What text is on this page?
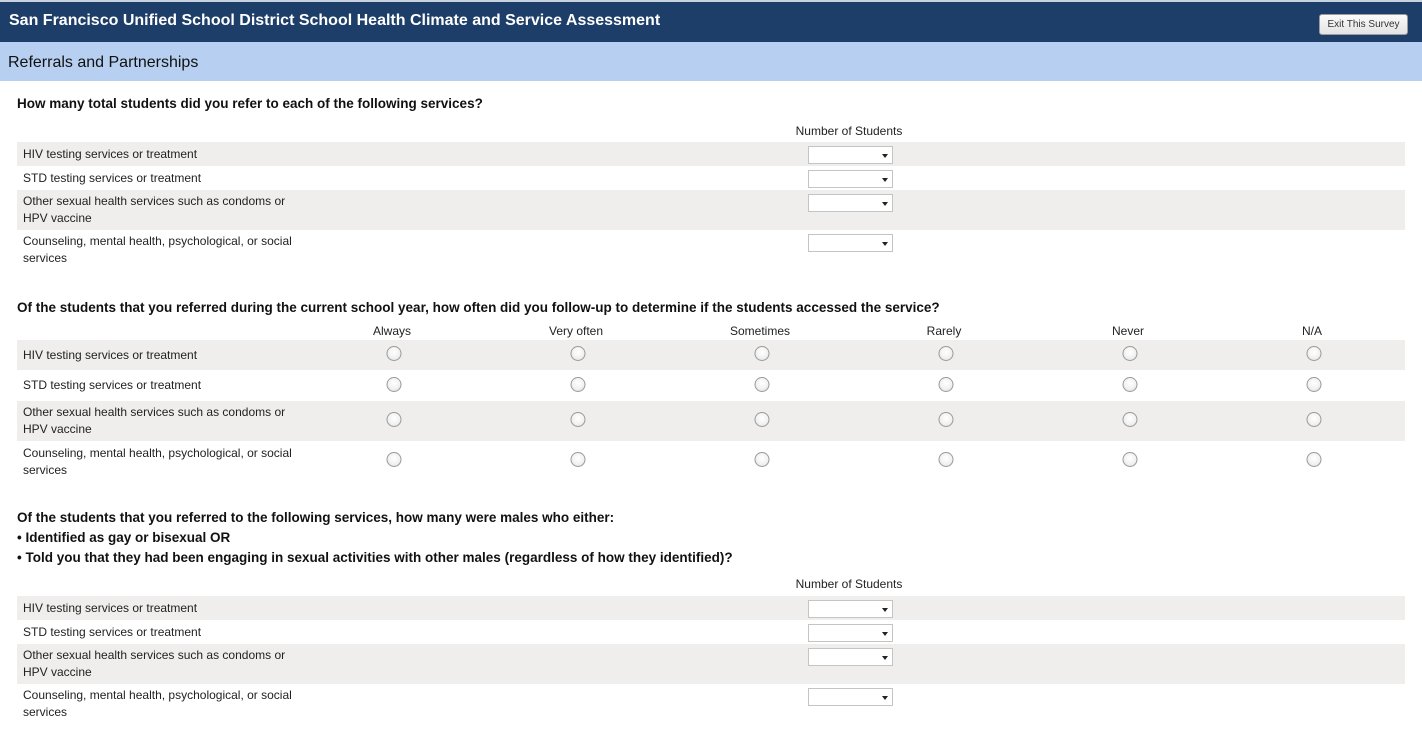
San Francisco Unified School District School Health Climate and Service Assessment	Exit This Survey
Referrals and Partnerships
How many total students did you refer to each of the following services?
Number of Students
HIV testing services or treatment
STD testing services or treatment
Other sexual health services such as condoms or HPV vaccine
Counseling, mental health, psychological, or social services
Of the students that you referred during the current school year, how often did you follow-up to determine if the students accessed the service?
Always	Very often	Sometimes	Rarely	Never	N/A
HIV testing services or treatment
STD testing services or treatment
Other sexual health services such as condoms or HPV vaccine
Counseling, mental health, psychological, or social services
Of the students that you referred to the following services, how many were males who either:
• Identified as gay or bisexual OR
• Told you that they had been engaging in sexual activities with other males (regardless of how they identified)?
Number of Students
HIV testing services or treatment
STD testing services or treatment
Other sexual health services such as condoms or HPV vaccine
Counseling, mental health, psychological, or social services
